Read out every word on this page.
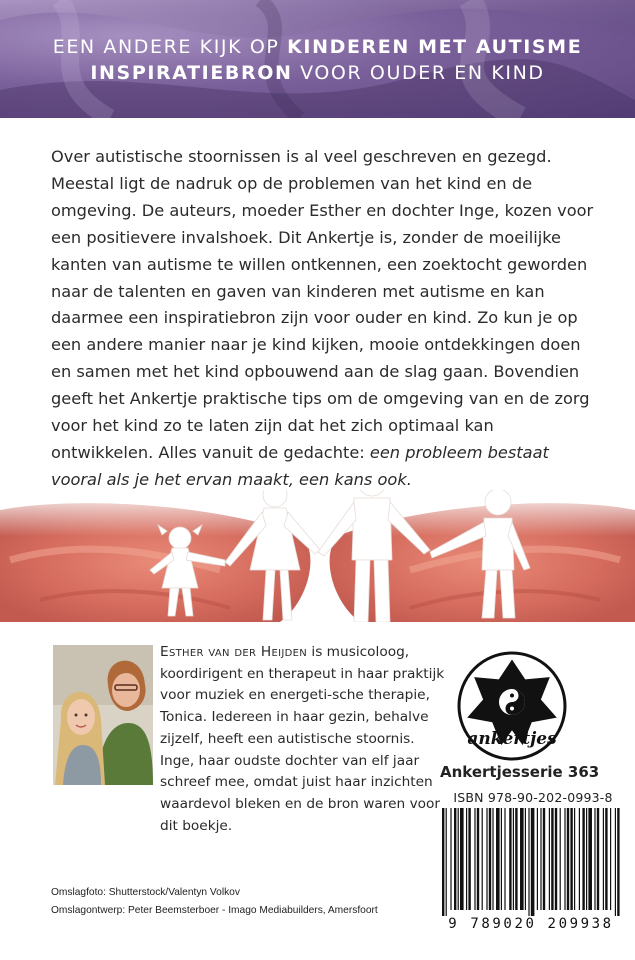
EEN ANDERE KIJK OP KINDEREN MET AUTISME
INSPIRATIEBRON VOOR OUDER EN KIND
Over autistische stoornissen is al veel geschreven en gezegd. Meestal ligt de nadruk op de problemen van het kind en de omgeving. De auteurs, moeder Esther en dochter Inge, kozen voor een positievere invalshoek. Dit Ankertje is, zonder de moeilijke kanten van autisme te willen ontkennen, een zoektocht geworden naar de talenten en gaven van kinderen met autisme en kan daarmee een inspiratiebron zijn voor ouder en kind. Zo kun je op een andere manier naar je kind kijken, mooie ontdekkingen doen en samen met het kind opbouwend aan de slag gaan. Bovendien geeft het Ankertje praktische tips om de omgeving van en de zorg voor het kind zo te laten zijn dat het zich optimaal kan ontwikkelen. Alles vanuit de gedachte: een probleem bestaat vooral als je het ervan maakt, een kans ook.
Esther van der Heijden is musicoloog, koordirigent en therapeut in haar praktijk voor muziek en energeti-sche therapie, Tonica. Iedereen in haar gezin, behalve zijzelf, heeft een autistische stoornis. Inge, haar oudste dochter van elf jaar schreef mee, omdat juist haar inzichten waardevol bleken en de bron waren voor dit boekje.
ankertjes
Ankertjesserie 363
ISBN 978-90-202-0993-8
9 789020 209938
Omslagfoto: Shutterstock/Valentyn Volkov
Omslagontwerp: Peter Beemsterboer - Imago Mediabuilders, Amersfoort
